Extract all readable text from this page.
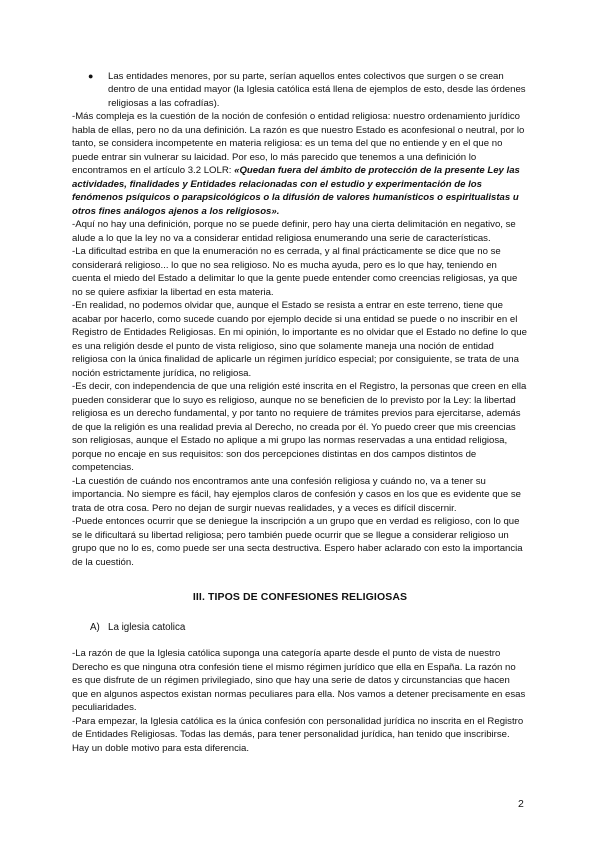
● Las entidades menores, por su parte, serían aquellos entes colectivos que surgen o se crean dentro de una entidad mayor (la Iglesia católica está llena de ejemplos de esto, desde las órdenes religiosas a las cofradías).

-Más compleja es la cuestión de la noción de confesión o entidad religiosa: nuestro ordenamiento jurídico habla de ellas, pero no da una definición. La razón es que nuestro Estado es aconfesional o neutral, por lo tanto, se considera incompetente en materia religiosa: es un tema del que no entiende y en el que no puede entrar sin vulnerar su laicidad. Por eso, lo más parecido que tenemos a una definición lo encontramos en el artículo 3.2 LOLR: «Quedan fuera del ámbito de protección de la presente Ley las actividades, finalidades y Entidades relacionadas con el estudio y experimentación de los fenómenos psíquicos o parapsicológicos o la difusión de valores humanísticos o espiritualistas u otros fines análogos ajenos a los religiosos».

-Aquí no hay una definición, porque no se puede definir, pero hay una cierta delimitación en negativo, se alude a lo que la ley no va a considerar entidad religiosa enumerando una serie de características.

-La dificultad estriba en que la enumeración no es cerrada, y al final prácticamente se dice que no se considerará religioso... lo que no sea religioso. No es mucha ayuda, pero es lo que hay, teniendo en cuenta el miedo del Estado a delimitar lo que la gente puede entender como creencias religiosas, ya que no se quiere asfixiar la libertad en esta materia.

-En realidad, no podemos olvidar que, aunque el Estado se resista a entrar en este terreno, tiene que acabar por hacerlo, como sucede cuando por ejemplo decide si una entidad se puede o no inscribir en el Registro de Entidades Religiosas. En mi opinión, lo importante es no olvidar que el Estado no define lo que es una religión desde el punto de vista religioso, sino que solamente maneja una noción de entidad religiosa con la única finalidad de aplicarle un régimen jurídico especial; por consiguiente, se trata de una noción estrictamente jurídica, no religiosa.

-Es decir, con independencia de que una religión esté inscrita en el Registro, la personas que creen en ella pueden considerar que lo suyo es religioso, aunque no se beneficien de lo previsto por la Ley: la libertad religiosa es un derecho fundamental, y por tanto no requiere de trámites previos para ejercitarse, además de que la religión es una realidad previa al Derecho, no creada por él. Yo puedo creer que mis creencias son religiosas, aunque el Estado no aplique a mi grupo las normas reservadas a una entidad religiosa, porque no encaje en sus requisitos: son dos percepciones distintas en dos campos distintos de competencias.

-La cuestión de cuándo nos encontramos ante una confesión religiosa y cuándo no, va a tener su importancia. No siempre es fácil, hay ejemplos claros de confesión y casos en los que es evidente que se trata de otra cosa. Pero no dejan de surgir nuevas realidades, y a veces es difícil discernir.

-Puede entonces ocurrir que se deniegue la inscripción a un grupo que en verdad es religioso, con lo que se le dificultará su libertad religiosa; pero también puede ocurrir que se llegue a considerar religioso un grupo que no lo es, como puede ser una secta destructiva. Espero haber aclarado con esto la importancia de la cuestión.

III. TIPOS DE CONFESIONES RELIGIOSAS
A) La iglesia catolica

-La razón de que la Iglesia católica suponga una categoría aparte desde el punto de vista de nuestro Derecho es que ninguna otra confesión tiene el mismo régimen jurídico que ella en España. La razón no es que disfrute de un régimen privilegiado, sino que hay una serie de datos y circunstancias que hacen que en algunos aspectos existan normas peculiares para ella. Nos vamos a detener precisamente en esas peculiaridades.

-Para empezar, la Iglesia católica es la única confesión con personalidad jurídica no inscrita en el Registro de Entidades Religiosas. Todas las demás, para tener personalidad jurídica, han tenido que inscribirse. Hay un doble motivo para esta diferencia.

2
